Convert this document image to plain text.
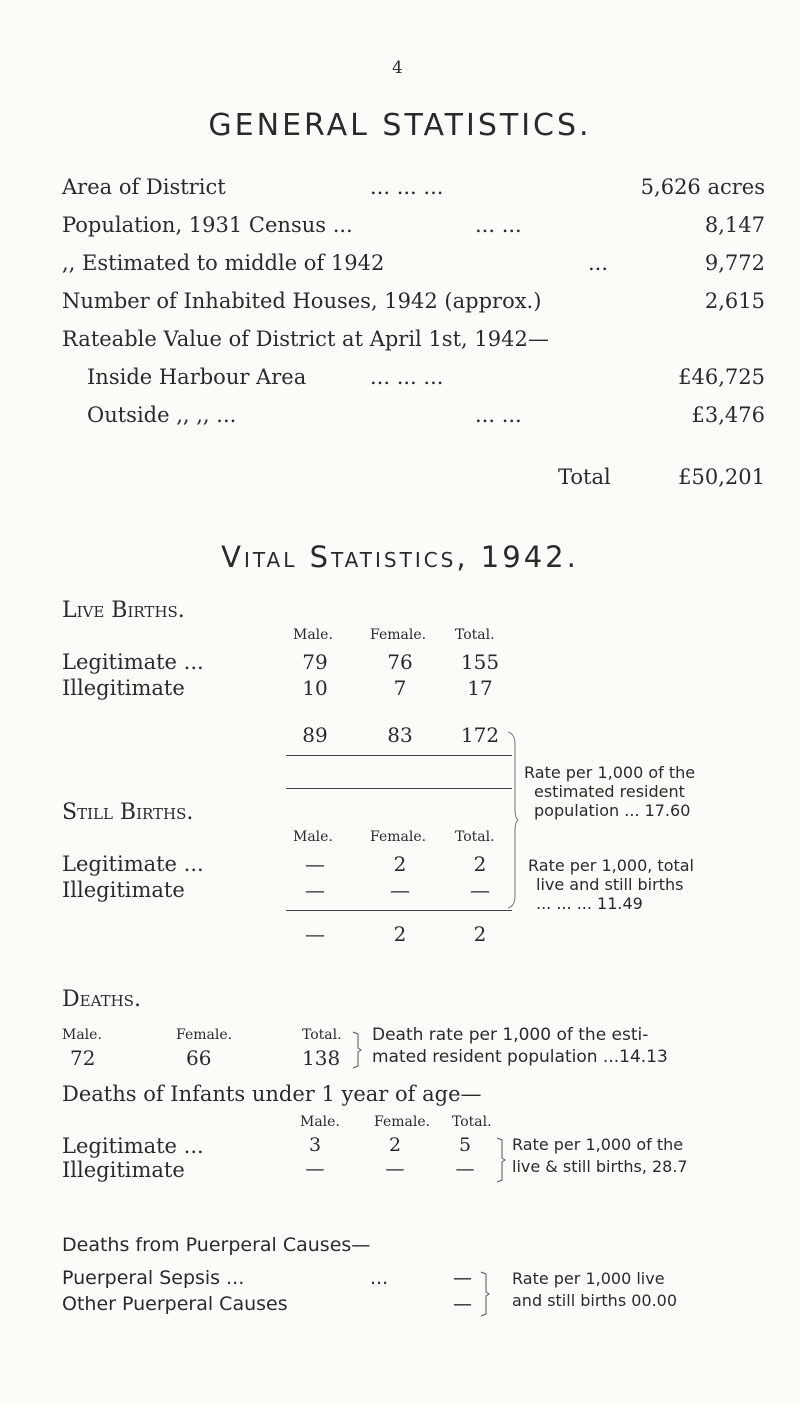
4
GENERAL STATISTICS.
Area of District	... ... ...	5,626 acres
Population, 1931 Census ...	... ...	8,147
,, Estimated to middle of 1942	...	9,772
Number of Inhabited Houses, 1942 (approx.)	2,615
Rateable Value of District at April 1st, 1942—
Inside Harbour Area	... ... ...	£46,725
Outside ,, ,, ...	... ...	£3,476
Total	£50,201
Vital Statistics, 1942.
Live Births.
Male.	Female. Total.
Legitimate ...	79	76	155
Illegitimate	10	7	17
89	83	172
Rate per 1,000 of the
estimated resident
population ... 17.60
Still Births.
Male.	Female. Total.
Legitimate ...	—	2	2
Illegitimate	—	—	—
—	2	2
Rate per 1,000, total
live and still births
... ... ... 11.49
Deaths.
Male.	Female.	Total.
72	66	138
Death rate per 1,000 of the esti-
mated resident population ...14.13
Deaths of Infants under 1 year of age—
Male. Female. Total.
Legitimate ...	3	2	5
Illegitimate	—	—	—
Rate per 1,000 of the
live & still births, 28.7
Deaths from Puerperal Causes—
Puerperal Sepsis ...	...	—
Other Puerperal Causes	—
Rate per 1,000 live
and still births 00.00
